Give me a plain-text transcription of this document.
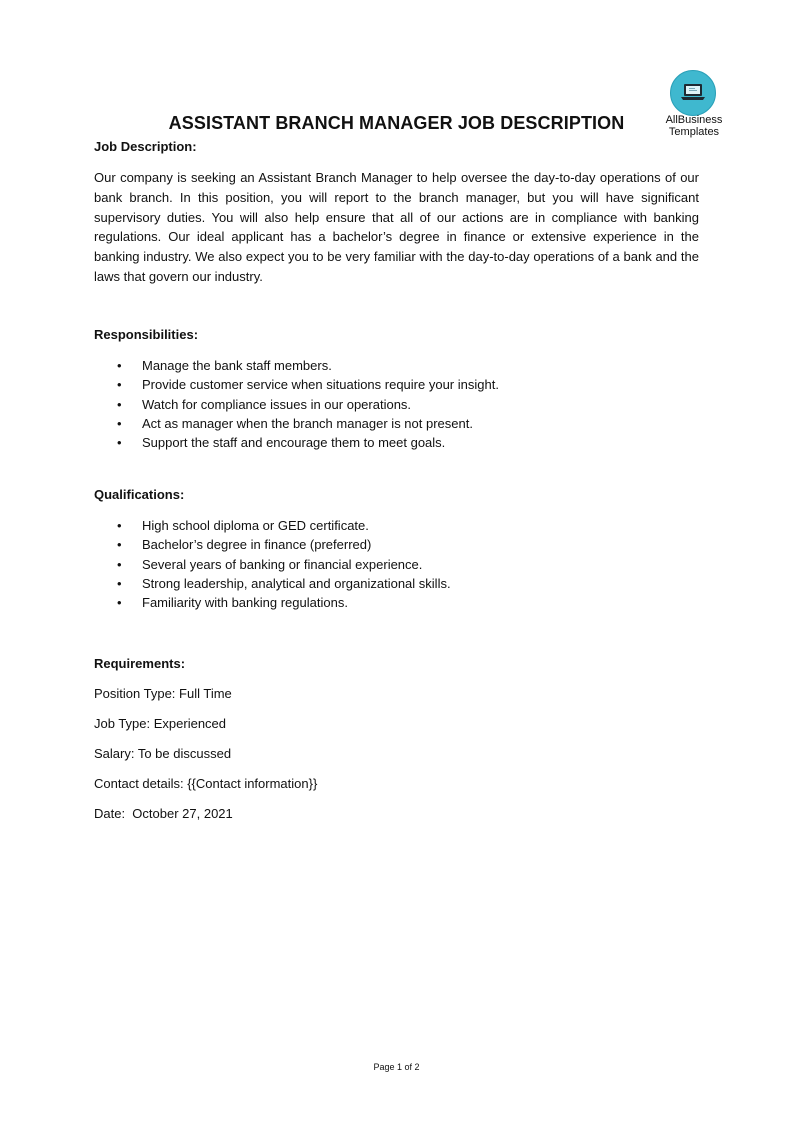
AllBusiness
Templates
ASSISTANT BRANCH MANAGER JOB DESCRIPTION

Job Description:

Our company is seeking an Assistant Branch Manager to help oversee the day-to-day operations of our bank branch. In this position, you will report to the branch manager, but you will have significant supervisory duties. You will also help ensure that all of our actions are in compliance with banking regulations. Our ideal applicant has a bachelor’s degree in finance or extensive experience in the banking industry. We also expect you to be very familiar with the day-to-day operations of a bank and the laws that govern our industry.

Responsibilities:

• Manage the bank staff members.
• Provide customer service when situations require your insight.
• Watch for compliance issues in our operations.
• Act as manager when the branch manager is not present.
• Support the staff and encourage them to meet goals.

Qualifications:

• High school diploma or GED certificate.
• Bachelor’s degree in finance (preferred)
• Several years of banking or financial experience.
• Strong leadership, analytical and organizational skills.
• Familiarity with banking regulations.

Requirements:

Position Type: Full Time

Job Type: Experienced

Salary: To be discussed

Contact details: {{Contact information}}

Date:  October 27, 2021

Page 1 of 2
